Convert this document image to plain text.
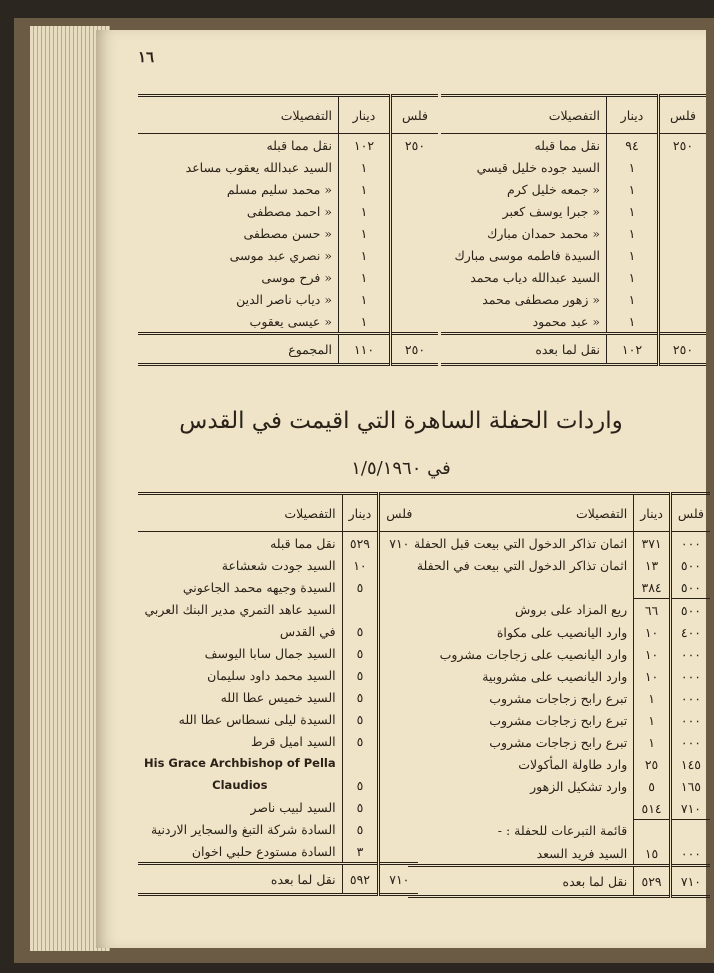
١٦
فلس	دينار	التفصيلات
٢٥٠	٩٤	نقل مما قبله
	١	السيد جوده خليل قيسي
	١	« جمعه خليل كرم
	١	« جبرا يوسف كعبر
	١	« محمد حمدان مبارك
	١	السيدة فاطمه موسى مبارك
	١	السيد عبدالله دياب محمد
	١	« زهور مصطفى محمد
	١	« عبد محمود
٢٥٠	١٠٢	نقل لما بعده
فلس	دينار	التفصيلات
٢٥٠	١٠٢	نقل مما قبله
	١	السيد عبدالله يعقوب مساعد
	١	« محمد سليم مسلم
	١	« احمد مصطفى
	١	« حسن مصطفى
	١	« نصري عبد موسى
	١	« فرح موسى
	١	« دياب ناصر الدين
	١	« عيسى يعقوب
٢٥٠	١١٠	المجموع
واردات الحفلة الساهرة التي اقيمت في القدس
في ١/٥/١٩٦٠
فلس	دينار	التفصيلات
٠٠٠	٣٧١	اثمان تذاكر الدخول التي بيعت قبل الحفلة
٥٠٠	١٣	اثمان تذاكر الدخول التي بيعت في الحفلة
٥٠٠	٣٨٤	
٥٠٠	٦٦	ريع المزاد على بروش
٤٠٠	١٠	وارد اليانصيب على مكواة
٠٠٠	١٠	وارد اليانصيب على زجاجات مشروب
٠٠٠	١٠	وارد اليانصيب على مشروبية
٠٠٠	١	تبرع رابح زجاجات مشروب
٠٠٠	١	تبرع رابح زجاجات مشروب
٠٠٠	١	تبرع رابح زجاجات مشروب
١٤٥	٢٥	وارد طاولة المأكولات
١٦٥	٥	وارد تشكيل الزهور
٧١٠	٥١٤	
		قائمة التبرعات للحفلة : -
٠٠٠	١٥	السيد فريد السعد
٧١٠	٥٢٩	نقل لما بعده
فلس	دينار	التفصيلات
٧١٠	٥٢٩	نقل مما قبله
	١٠	السيد جودت شعشاعة
	٥	السيدة وجيهه محمد الجاعوني
		السيد عاهد التمري مدير البنك العربي
	٥	في القدس
	٥	السيد جمال سابا اليوسف
	٥	السيد محمد داود سليمان
	٥	السيد خميس عطا الله
	٥	السيدة ليلى نسطاس عطا الله
	٥	السيد اميل قرط
		His Grace Archbishop of Pella
	٥	Claudios
	٥	السيد لبيب ناصر
	٥	السادة شركة التبغ والسجاير الاردنية
	٣	السادة مستودع حلبي اخوان
٧١٠	٥٩٢	نقل لما بعده
